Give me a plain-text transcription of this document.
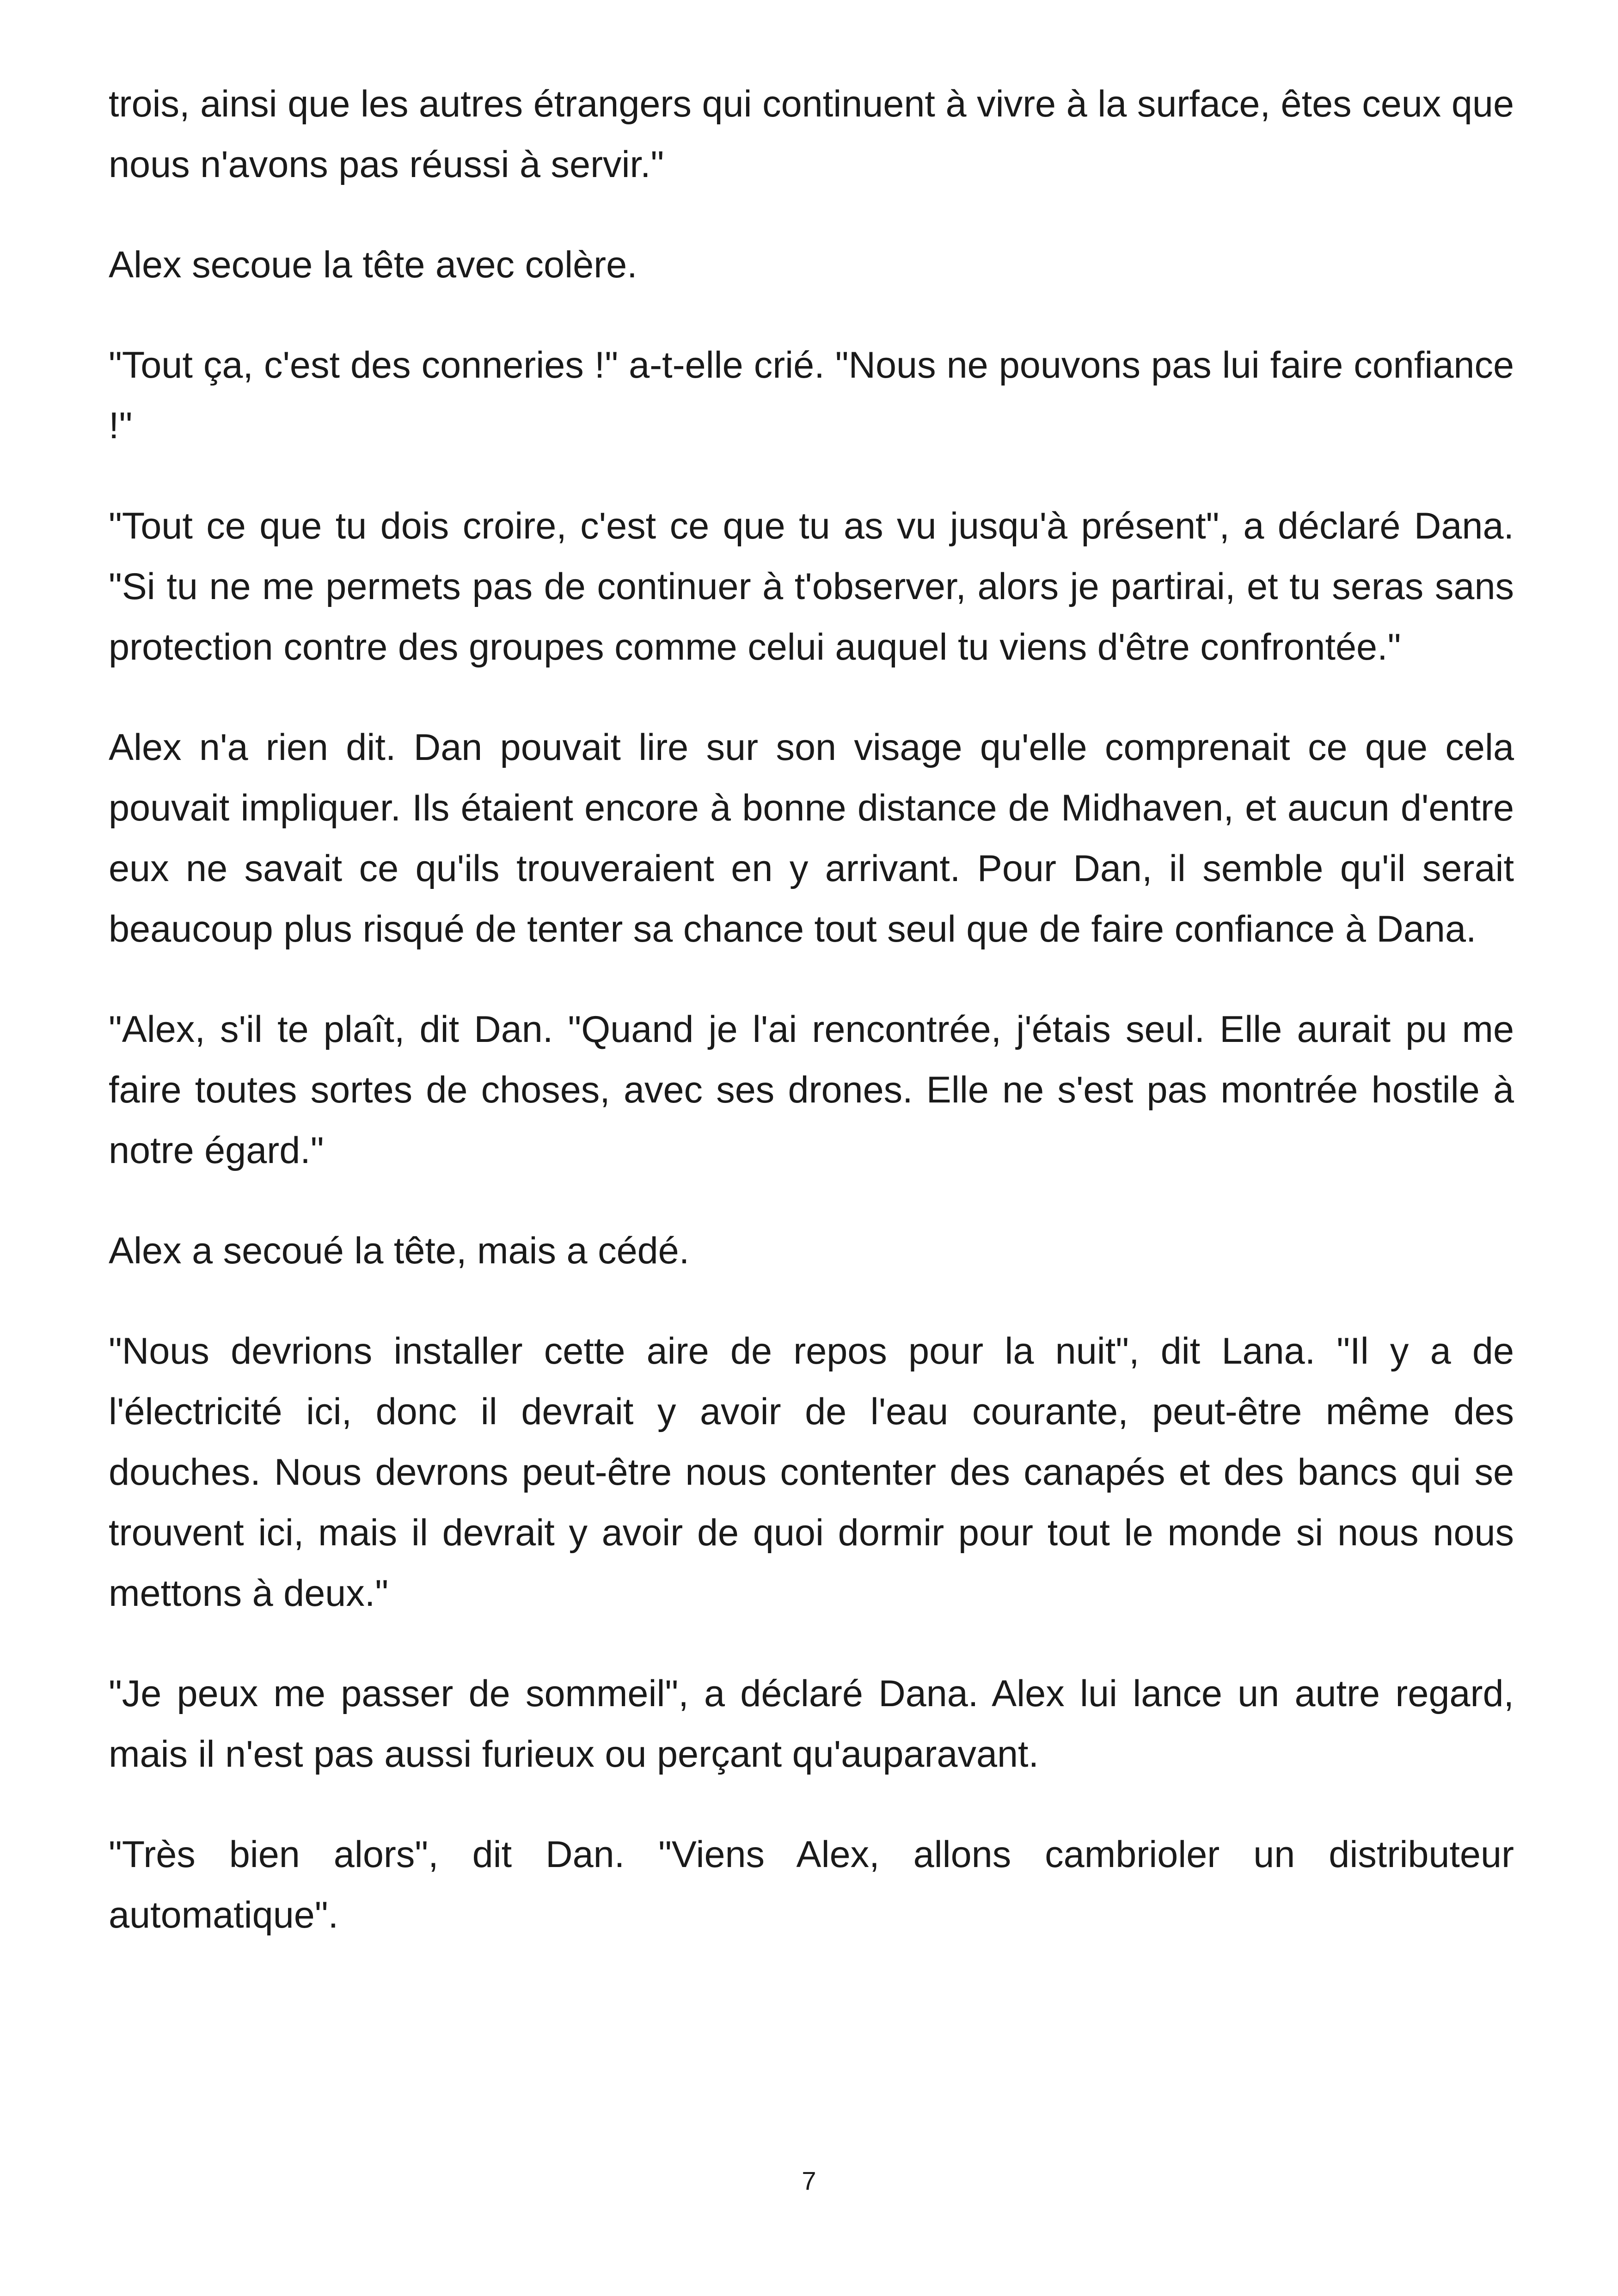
trois, ainsi que les autres étrangers qui continuent à vivre à la surface, êtes ceux que nous n'avons pas réussi à servir."

Alex secoue la tête avec colère.

"Tout ça, c'est des conneries !" a-t-elle crié. "Nous ne pouvons pas lui faire confiance !"

"Tout ce que tu dois croire, c'est ce que tu as vu jusqu'à présent", a déclaré Dana. "Si tu ne me permets pas de continuer à t'observer, alors je partirai, et tu seras sans protection contre des groupes comme celui auquel tu viens d'être confrontée."

Alex n'a rien dit. Dan pouvait lire sur son visage qu'elle comprenait ce que cela pouvait impliquer. Ils étaient encore à bonne distance de Midhaven, et aucun d'entre eux ne savait ce qu'ils trouveraient en y arrivant. Pour Dan, il semble qu'il serait beaucoup plus risqué de tenter sa chance tout seul que de faire confiance à Dana.

"Alex, s'il te plaît, dit Dan. "Quand je l'ai rencontrée, j'étais seul. Elle aurait pu me faire toutes sortes de choses, avec ses drones. Elle ne s'est pas montrée hostile à notre égard."

Alex a secoué la tête, mais a cédé.

"Nous devrions installer cette aire de repos pour la nuit", dit Lana. "Il y a de l'électricité ici, donc il devrait y avoir de l'eau courante, peut-être même des douches. Nous devrons peut-être nous contenter des canapés et des bancs qui se trouvent ici, mais il devrait y avoir de quoi dormir pour tout le monde si nous nous mettons à deux."

"Je peux me passer de sommeil", a déclaré Dana. Alex lui lance un autre regard, mais il n'est pas aussi furieux ou perçant qu'auparavant.

"Très bien alors", dit Dan. "Viens Alex, allons cambrioler un distributeur automatique".

7
